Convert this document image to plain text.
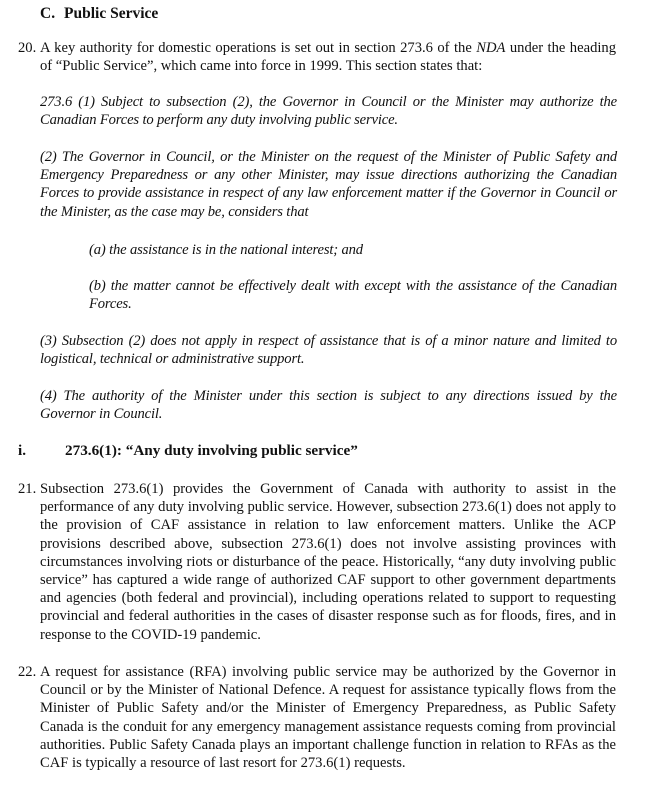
C. Public Service
20. A key authority for domestic operations is set out in section 273.6 of the NDA under the heading of “Public Service”, which came into force in 1999. This section states that:
273.6 (1) Subject to subsection (2), the Governor in Council or the Minister may authorize the Canadian Forces to perform any duty involving public service.
(2) The Governor in Council, or the Minister on the request of the Minister of Public Safety and Emergency Preparedness or any other Minister, may issue directions authorizing the Canadian Forces to provide assistance in respect of any law enforcement matter if the Governor in Council or the Minister, as the case may be, considers that
(a) the assistance is in the national interest; and
(b) the matter cannot be effectively dealt with except with the assistance of the Canadian Forces.
(3) Subsection (2) does not apply in respect of assistance that is of a minor nature and limited to logistical, technical or administrative support.
(4) The authority of the Minister under this section is subject to any directions issued by the Governor in Council.
i.	273.6(1): “Any duty involving public service”
21. Subsection 273.6(1) provides the Government of Canada with authority to assist in the performance of any duty involving public service. However, subsection 273.6(1) does not apply to the provision of CAF assistance in relation to law enforcement matters. Unlike the ACP provisions described above, subsection 273.6(1) does not involve assisting provinces with circumstances involving riots or disturbance of the peace. Historically, “any duty involving public service” has captured a wide range of authorized CAF support to other government departments and agencies (both federal and provincial), including operations related to support to requesting provincial and federal authorities in the cases of disaster response such as for floods, fires, and in response to the COVID-19 pandemic.
22. A request for assistance (RFA) involving public service may be authorized by the Governor in Council or by the Minister of National Defence. A request for assistance typically flows from the Minister of Public Safety and/or the Minister of Emergency Preparedness, as Public Safety Canada is the conduit for any emergency management assistance requests coming from provincial authorities. Public Safety Canada plays an important challenge function in relation to RFAs as the CAF is typically a resource of last resort for 273.6(1) requests.
